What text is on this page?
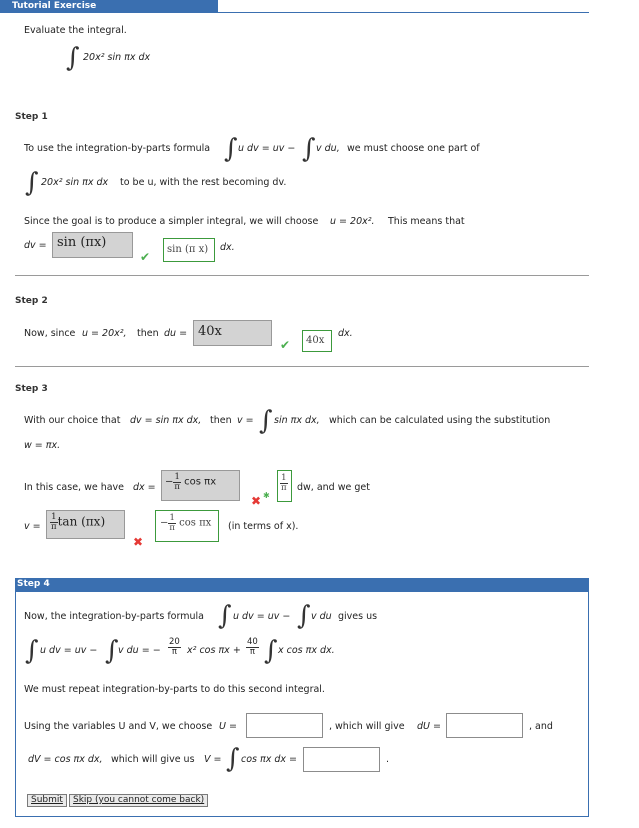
Tutorial Exercise
Evaluate the integral.
∫ 20x² sin πx dx
Step 1
To use the integration-by-parts formula ∫ u dv = uv − ∫ v du, we must choose one part of
∫ 20x² sin πx dx to be u, with the rest becoming dv.
Since the goal is to produce a simpler integral, we will choose u = 20x². This means that
dv = sin (πx)
✔
sin (π x)	dx.
Step 2
Now, since u = 20x², then du = 40x
✔	40x
dx.
Step 3
With our choice that dv = sin πx dx, then v = ∫ sin πx dx, which can be calculated using the substitution
w = πx.
In this case, we have dx = − $\frac{1}{\pi}$ cos πx
✖ ✱
$\frac{1}{\pi}$ dw, and we get
$v = \frac{1}{\pi}$ tan (πx)
✖
− $\frac{1}{\pi}$ cos πx	(in terms of x).
Step 4
Now, the integration-by-parts formula ∫ u dv = uv − ∫ v du gives us
∫ u dv = uv − ∫ v du = − $\frac{20}{\pi} x^2$ $\cos \pi x + \frac{40}{\pi}$ ∫ x cos πx dx.
We must repeat integration-by-parts to do this second integral.
Using the variables U and V, we choose U =	, which will give dU =	, and
dV = cos πx dx, which will give us V = ∫ cos πx dx =	.
Submit	Skip (you cannot come back)
